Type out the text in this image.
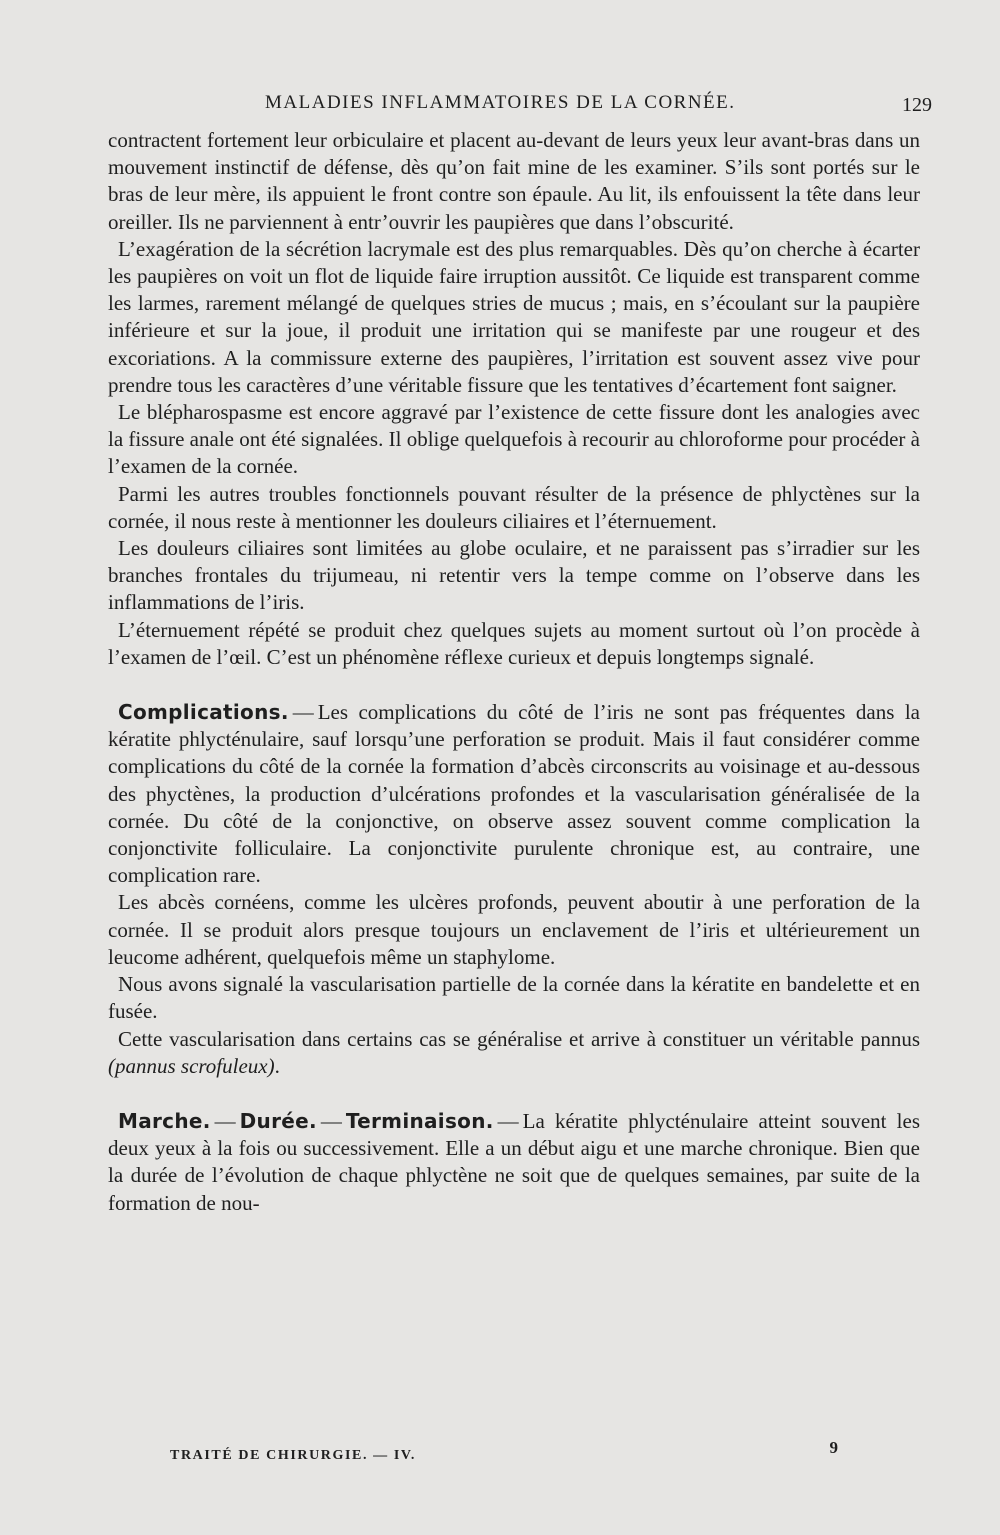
MALADIES INFLAMMATOIRES DE LA CORNÉE.	129

contractent fortement leur orbiculaire et placent au-devant de leurs yeux leur avant-bras dans un mouvement instinctif de défense, dès qu’on fait mine de les examiner. S’ils sont portés sur le bras de leur mère, ils appuient le front contre son épaule. Au lit, ils enfouissent la tête dans leur oreiller. Ils ne parviennent à entr’ouvrir les paupières que dans l’obscurité.

L’exagération de la sécrétion lacrymale est des plus remarquables. Dès qu’on cherche à écarter les paupières on voit un flot de liquide faire irruption aussitôt. Ce liquide est transparent comme les larmes, rarement mélangé de quelques stries de mucus ; mais, en s’écoulant sur la paupière inférieure et sur la joue, il produit une irritation qui se manifeste par une rougeur et des excoriations. A la commissure externe des paupières, l’irritation est souvent assez vive pour prendre tous les caractères d’une véritable fissure que les tentatives d’écartement font saigner.

Le blépharospasme est encore aggravé par l’existence de cette fissure dont les analogies avec la fissure anale ont été signalées. Il oblige quelquefois à recourir au chloroforme pour procéder à l’examen de la cornée.

Parmi les autres troubles fonctionnels pouvant résulter de la présence de phlyctènes sur la cornée, il nous reste à mentionner les douleurs ciliaires et l’éternuement.

Les douleurs ciliaires sont limitées au globe oculaire, et ne paraissent pas s’irradier sur les branches frontales du trijumeau, ni retentir vers la tempe comme on l’observe dans les inflammations de l’iris.

L’éternuement répété se produit chez quelques sujets au moment surtout où l’on procède à l’examen de l’œil. C’est un phénomène réflexe curieux et depuis longtemps signalé.

Complications. — Les complications du côté de l’iris ne sont pas fréquentes dans la kératite phlycténulaire, sauf lorsqu’une perforation se produit. Mais il faut considérer comme complications du côté de la cornée la formation d’abcès circonscrits au voisinage et au-dessous des phyctènes, la production d’ulcérations profondes et la vascularisation généralisée de la cornée. Du côté de la conjonctive, on observe assez souvent comme complication la conjonctivite folliculaire. La conjonctivite purulente chronique est, au contraire, une complication rare.

Les abcès cornéens, comme les ulcères profonds, peuvent aboutir à une perforation de la cornée. Il se produit alors presque toujours un enclavement de l’iris et ultérieurement un leucome adhérent, quelquefois même un staphylome.

Nous avons signalé la vascularisation partielle de la cornée dans la kératite en bandelette et en fusée.

Cette vascularisation dans certains cas se généralise et arrive à constituer un véritable pannus (pannus scrofuleux).

Marche. — Durée. — Terminaison. — La kératite phlycténulaire atteint souvent les deux yeux à la fois ou successivement. Elle a un début aigu et une marche chronique. Bien que la durée de l’évolution de chaque phlyctène ne soit que de quelques semaines, par suite de la formation de nou-

TRAITÉ DE CHIRURGIE. — IV.	9
